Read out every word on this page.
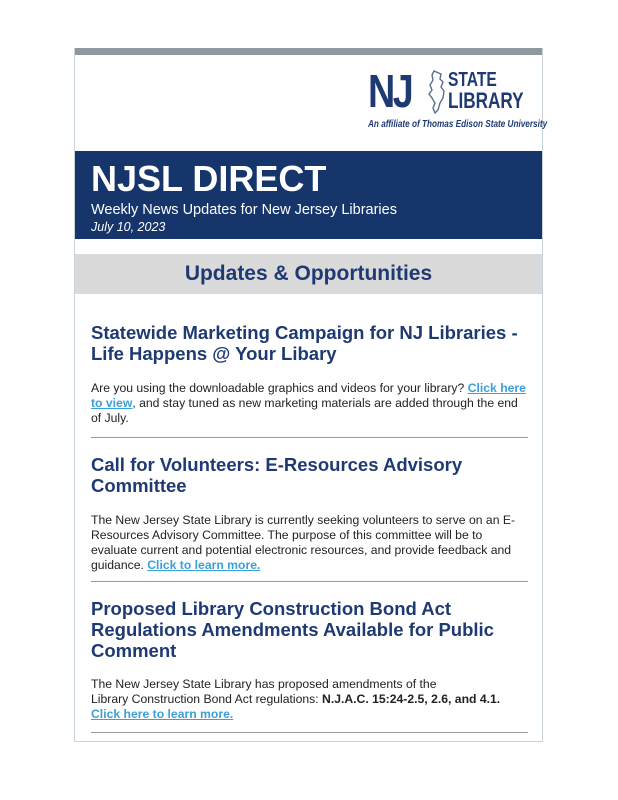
NJ STATE
LIBRARY
An affiliate of Thomas Edison State University
NJSL DIRECT
Weekly News Updates for New Jersey Libraries
July 10, 2023
Updates & Opportunities
Statewide Marketing Campaign for NJ Libraries -
Life Happens @ Your Libary

Are you using the downloadable graphics and videos for your library? Click here to view, and stay tuned as new marketing materials are added through the end of July.

Call for Volunteers: E-Resources Advisory
Committee

The New Jersey State Library is currently seeking volunteers to serve on an E-Resources Advisory Committee. The purpose of this committee will be to evaluate current and potential electronic resources, and provide feedback and guidance. Click to learn more.

Proposed Library Construction Bond Act
Regulations Amendments Available for Public
Comment

The New Jersey State Library has proposed amendments of the
Library Construction Bond Act regulations: N.J.A.C. 15:24-2.5, 2.6, and 4.1.  Click here to learn more.
